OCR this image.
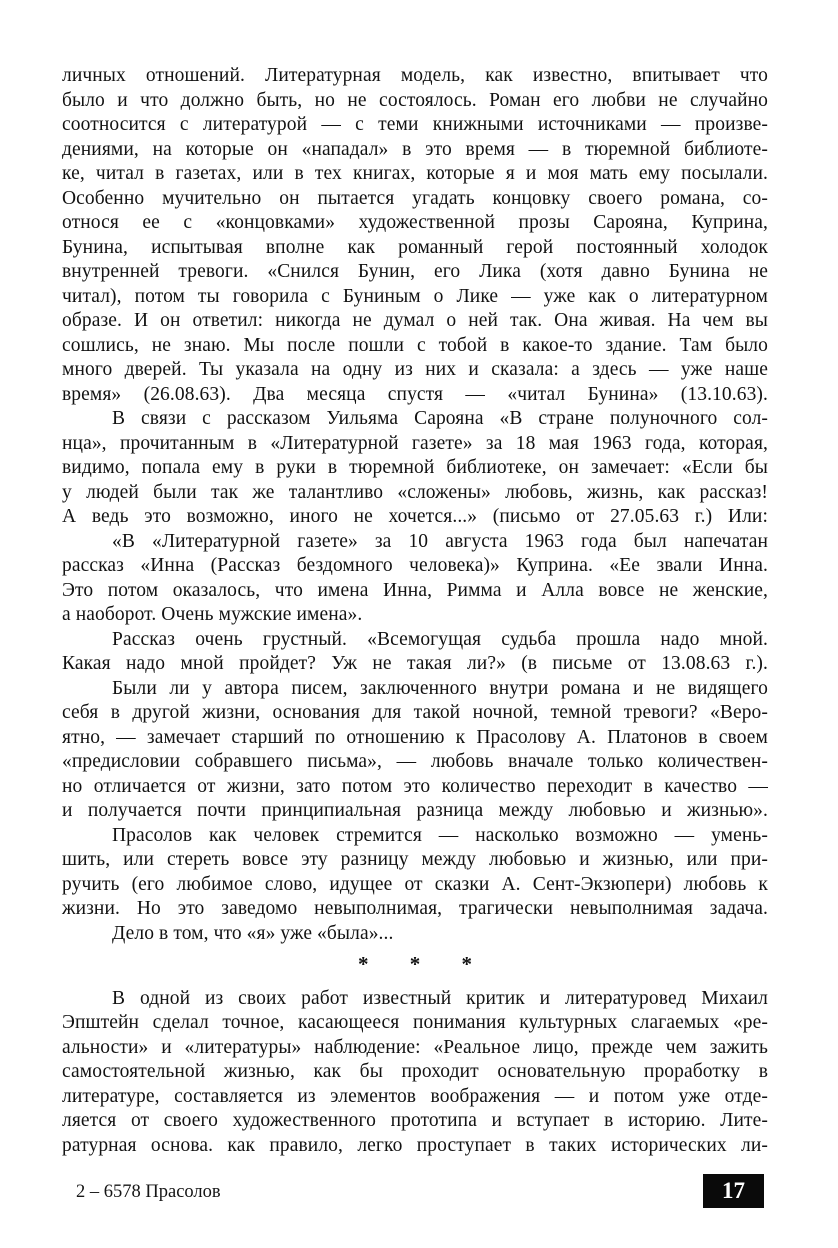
личных отношений. Литературная модель, как известно, впитывает что
было и что должно быть, но не состоялось. Роман его любви не случайно
соотносится с литературой — с теми книжными источниками — произве-
дениями, на которые он «нападал» в это время — в тюремной библиоте-
ке, читал в газетах, или в тех книгах, которые я и моя мать ему посылали.
Особенно мучительно он пытается угадать концовку своего романа, со-
относя ее с «концовками» художественной прозы Сарояна, Куприна,
Бунина, испытывая вполне как романный герой постоянный холодок
внутренней тревоги. «Снился Бунин, его Лика (хотя давно Бунина не
читал), потом ты говорила с Буниным о Лике — уже как о литературном
образе. И он ответил: никогда не думал о ней так. Она живая. На чем вы
сошлись, не знаю. Мы после пошли с тобой в какое-то здание. Там было
много дверей. Ты указала на одну из них и сказала: а здесь — уже наше
время» (26.08.63). Два месяца спустя — «читал Бунина» (13.10.63).
В связи с рассказом Уильяма Сарояна «В стране полуночного сол-
нца», прочитанным в «Литературной газете» за 18 мая 1963 года, которая,
видимо, попала ему в руки в тюремной библиотеке, он замечает: «Если бы
у людей были так же талантливо «сложены» любовь, жизнь, как рассказ!
А ведь это возможно, иного не хочется...» (письмо от 27.05.63 г.) Или:
«В «Литературной газете» за 10 августа 1963 года был напечатан
рассказ «Инна (Рассказ бездомного человека)» Куприна. «Ее звали Инна.
Это потом оказалось, что имена Инна, Римма и Алла вовсе не женские,
а наоборот. Очень мужские имена».
Рассказ очень грустный. «Всемогущая судьба прошла надо мной.
Какая надо мной пройдет? Уж не такая ли?» (в письме от 13.08.63 г.).
Были ли у автора писем, заключенного внутри романа и не видящего
себя в другой жизни, основания для такой ночной, темной тревоги? «Веро-
ятно, — замечает старший по отношению к Прасолову А. Платонов в своем
«предисловии собравшего письма», — любовь вначале только количествен-
но отличается от жизни, зато потом это количество переходит в качество —
и получается почти принципиальная разница между любовью и жизнью».
Прасолов как человек стремится — насколько возможно — умень-
шить, или стереть вовсе эту разницу между любовью и жизнью, или при-
ручить (его любимое слово, идущее от сказки А. Сент-Экзюпери) любовь к
жизни. Но это заведомо невыполнимая, трагически невыполнимая задача.
Дело в том, что «я» уже «была»...
* * *
В одной из своих работ известный критик и литературовед Михаил
Эпштейн сделал точное, касающееся понимания культурных слагаемых «ре-
альности» и «литературы» наблюдение: «Реальное лицо, прежде чем зажить
самостоятельной жизнью, как бы проходит основательную проработку в
литературе, составляется из элементов воображения — и потом уже отде-
ляется от своего художественного прототипа и вступает в историю. Лите-
ратурная основа. как правило, легко проступает в таких исторических ли-
2 – 6578 Прасолов	17
